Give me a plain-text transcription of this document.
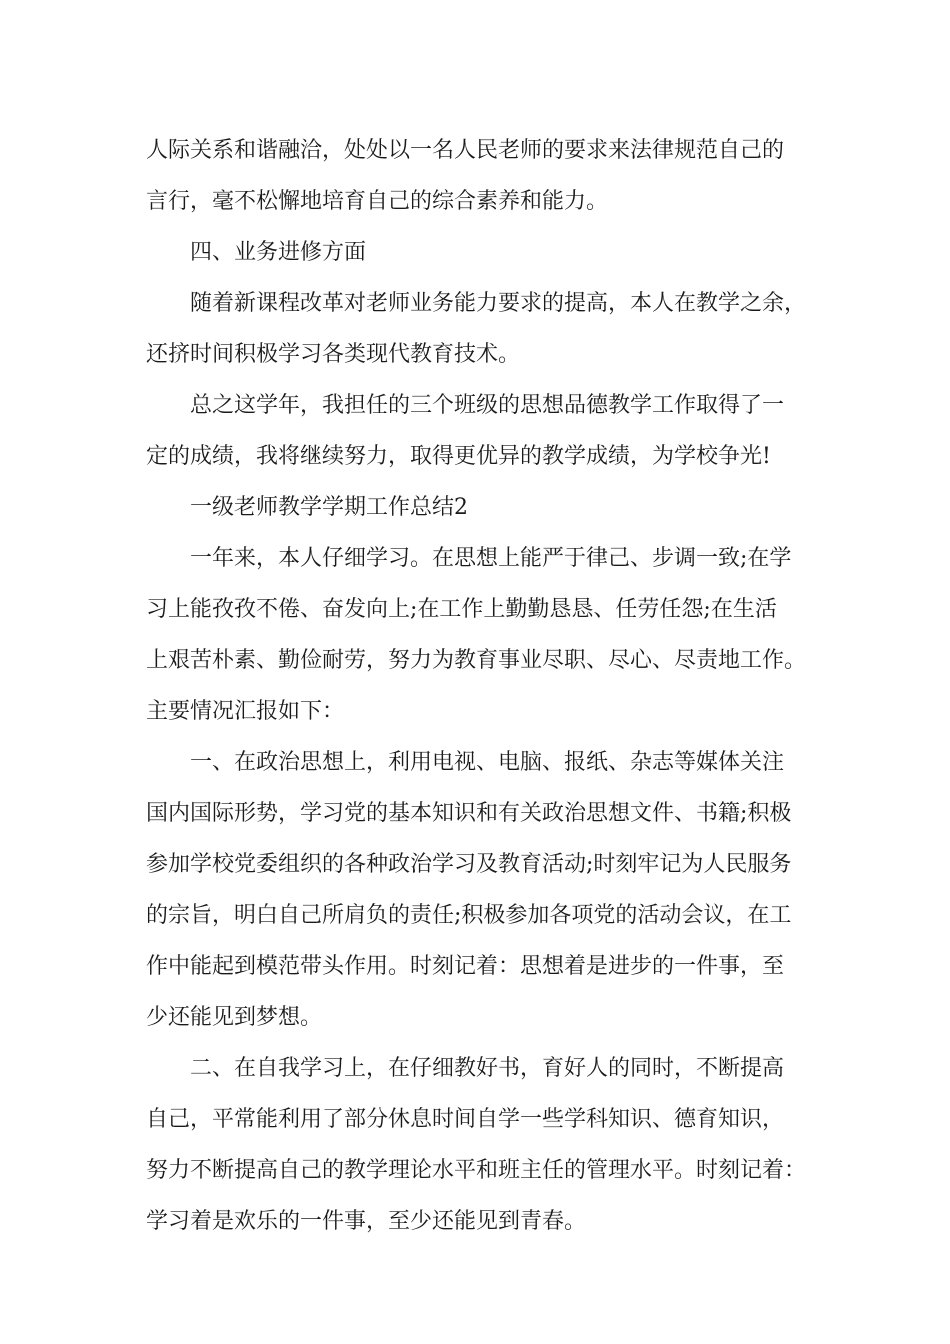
人际关系和谐融洽，处处以一名人民老师的要求来法律规范自己的
言行，毫不松懈地培育自己的综合素养和能力。
四、业务进修方面
随着新课程改革对老师业务能力要求的提高，本人在教学之余，
还挤时间积极学习各类现代教育技术。
总之这学年，我担任的三个班级的思想品德教学工作取得了一
定的成绩，我将继续努力，取得更优异的教学成绩，为学校争光!
一级老师教学学期工作总结2
一年来，本人仔细学习。在思想上能严于律己、步调一致;在学
习上能孜孜不倦、奋发向上;在工作上勤勤恳恳、任劳任怨;在生活
上艰苦朴素、勤俭耐劳，努力为教育事业尽职、尽心、尽责地工作。
主要情况汇报如下：
一、在政治思想上，利用电视、电脑、报纸、杂志等媒体关注
国内国际形势，学习党的基本知识和有关政治思想文件、书籍;积极
参加学校党委组织的各种政治学习及教育活动;时刻牢记为人民服务
的宗旨，明白自己所肩负的责任;积极参加各项党的活动会议，在工
作中能起到模范带头作用。时刻记着：思想着是进步的一件事，至
少还能见到梦想。
二、在自我学习上，在仔细教好书，育好人的同时，不断提高
自己，平常能利用了部分休息时间自学一些学科知识、德育知识，
努力不断提高自己的教学理论水平和班主任的管理水平。时刻记着：
学习着是欢乐的一件事，至少还能见到青春。
